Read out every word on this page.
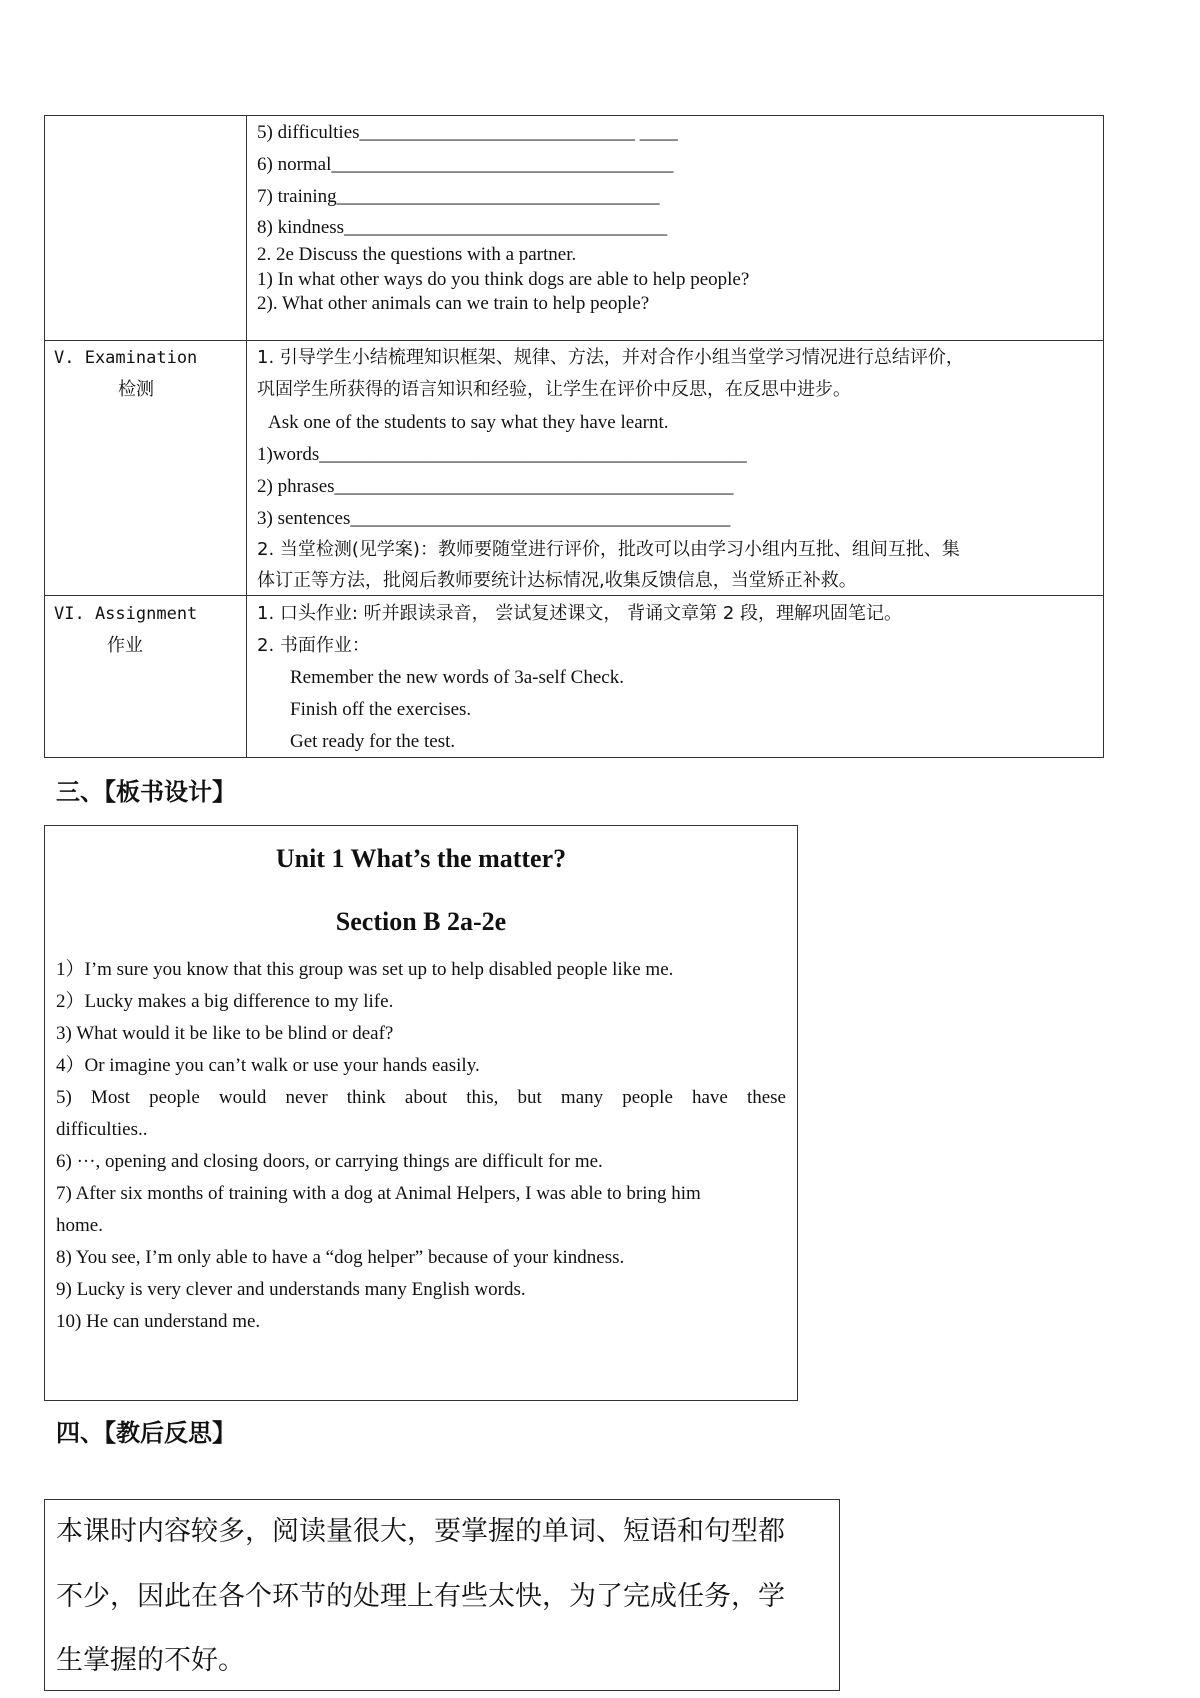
5) difficulties_____________________________ ____
6) normal____________________________________
7) training__________________________________
8) kindness__________________________________
2. 2e Discuss the questions with a partner.
1) In what other ways do you think dogs are able to help people?
2). What other animals can we train to help people?
V. Examination
检测
1. 引导学生小结梳理知识框架、规律、方法，并对合作小组当堂学习情况进行总结评价，
巩固学生所获得的语言知识和经验，让学生在评价中反思，在反思中进步。
Ask one of the students to say what they have learnt.
1)words_____________________________________________
2) phrases__________________________________________
3) sentences________________________________________
2. 当堂检测(见学案)：教师要随堂进行评价，批改可以由学习小组内互批、组间互批、集
体订正等方法，批阅后教师要统计达标情况,收集反馈信息，当堂矫正补救。
VI. Assignment
作业
1. 口头作业: 听并跟读录音， 尝试复述课文， 背诵文章第 2 段，理解巩固笔记。
2. 书面作业：
Remember the new words of 3a-self Check.
Finish off the exercises.
Get ready for the test.
三、【板书设计】
Unit 1 What’s the matter?
Section B 2a-2e
1）I’m sure you know that this group was set up to help disabled people like me.
2）Lucky makes a big difference to my life.
3) What would it be like to be blind or deaf?
4）Or imagine you can’t walk or use your hands easily.
5) Most people would never think about this, but many people have these
difficulties..
6) ···, opening and closing doors, or carrying things are difficult for me.
7) After six months of training with a dog at Animal Helpers, I was able to bring him
home.
8) You see, I’m only able to have a “dog helper” because of your kindness.
9) Lucky is very clever and understands many English words.
10) He can understand me.
四、【教后反思】
本课时内容较多，阅读量很大，要掌握的单词、短语和句型都
不少，因此在各个环节的处理上有些太快，为了完成任务，学
生掌握的不好。
